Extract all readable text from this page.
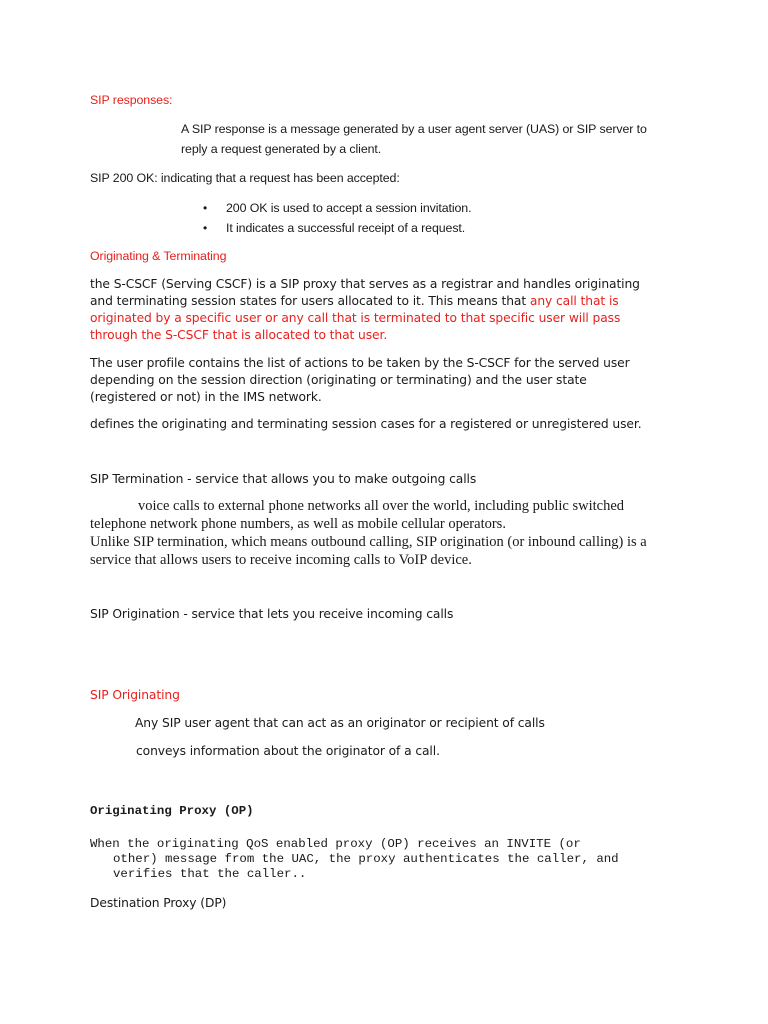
SIP responses:
A SIP response is a message generated by a user agent server (UAS) or SIP server to
reply a request generated by a client.
SIP 200 OK: indicating that a request has been accepted:
• 200 OK is used to accept a session invitation.
• It indicates a successful receipt of a request.
Originating & Terminating
the S-CSCF (Serving CSCF) is a SIP proxy that serves as a registrar and handles originating
and terminating session states for users allocated to it. This means that any call that is
originated by a specific user or any call that is terminated to that specific user will pass
through the S-CSCF that is allocated to that user.
The user profile contains the list of actions to be taken by the S-CSCF for the served user
depending on the session direction (originating or terminating) and the user state
(registered or not) in the IMS network.
defines the originating and terminating session cases for a registered or unregistered user.
SIP Termination - service that allows you to make outgoing calls
voice calls to external phone networks all over the world, including public switched
telephone network phone numbers, as well as mobile cellular operators.
Unlike SIP termination, which means outbound calling, SIP origination (or inbound calling) is a
service that allows users to receive incoming calls to VoIP device.
SIP Origination - service that lets you receive incoming calls
SIP Originating
Any SIP user agent that can act as an originator or recipient of calls
conveys information about the originator of a call.
Originating Proxy (OP)
When the originating QoS enabled proxy (OP) receives an INVITE (or
other) message from the UAC, the proxy authenticates the caller, and
verifies that the caller..
Destination Proxy (DP)
